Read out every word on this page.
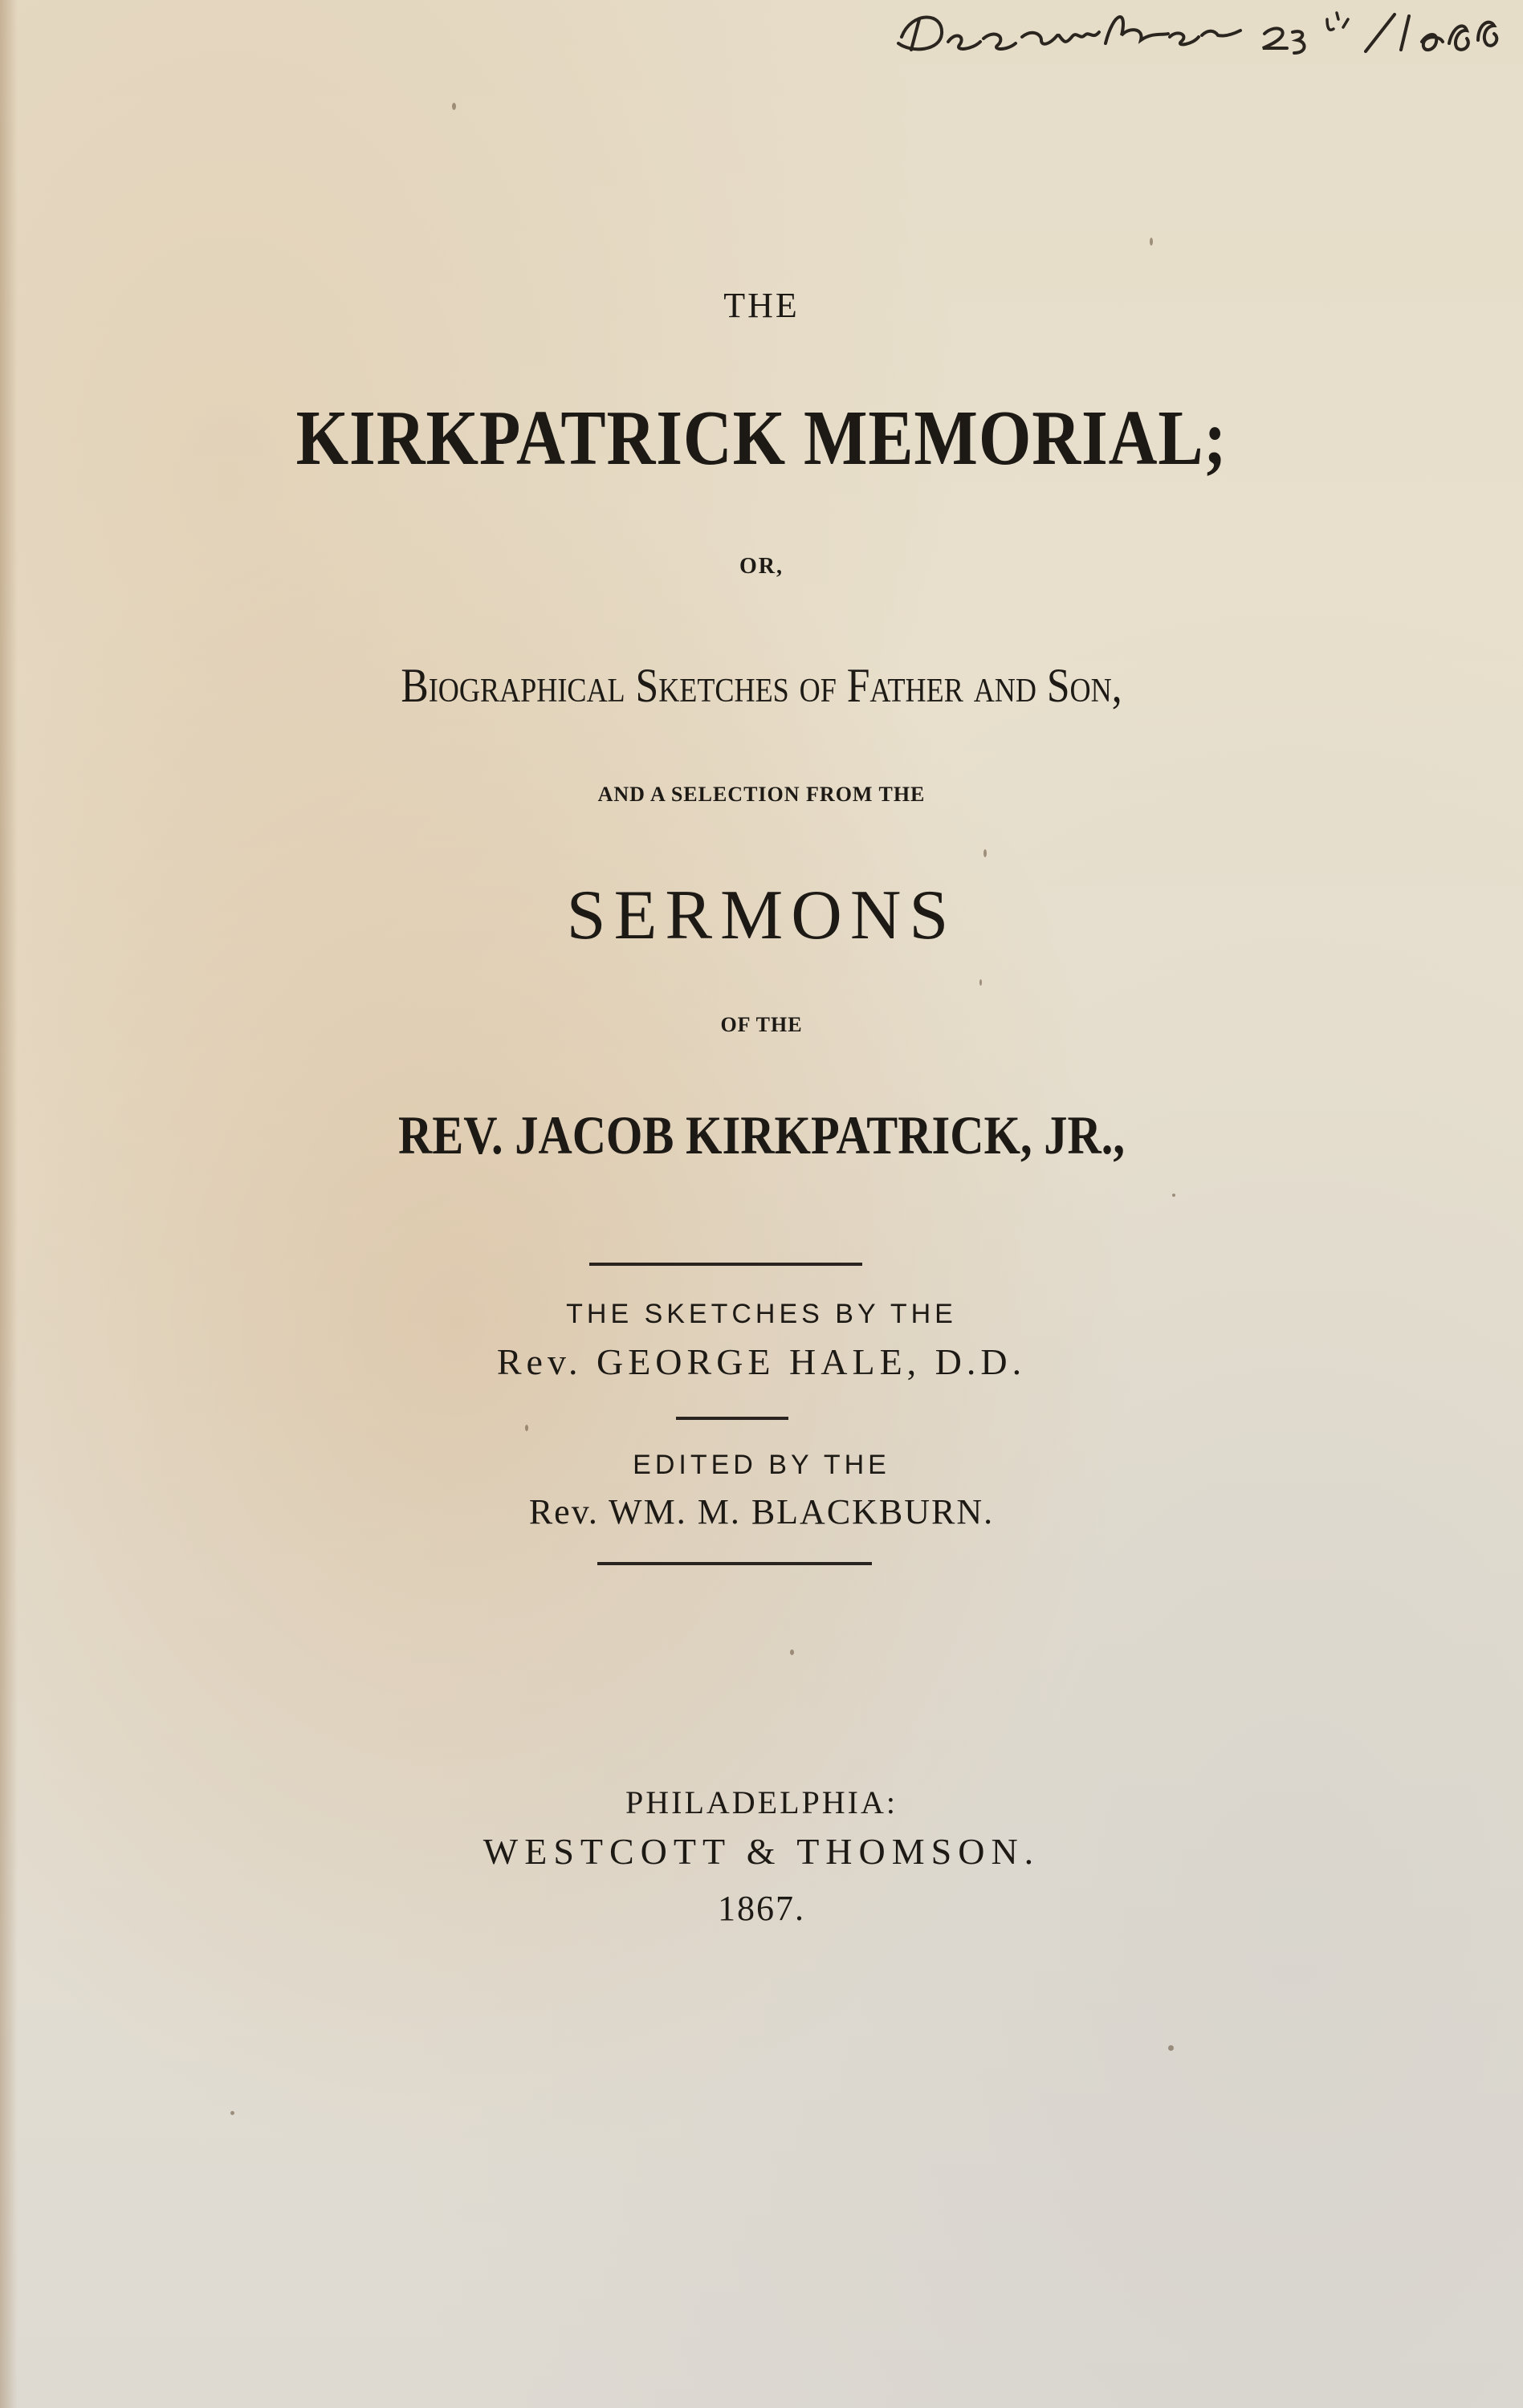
December 25th 1866

THE

KIRKPATRICK MEMORIAL;

OR,

Biographical Sketches of Father and Son,

AND A SELECTION FROM THE

SERMONS

OF THE

REV. JACOB KIRKPATRICK, JR.,

THE SKETCHES BY THE

Rev. GEORGE HALE, D.D.

EDITED BY THE

Rev. WM. M. BLACKBURN.

PHILADELPHIA:

WESTCOTT & THOMSON.

1867.
